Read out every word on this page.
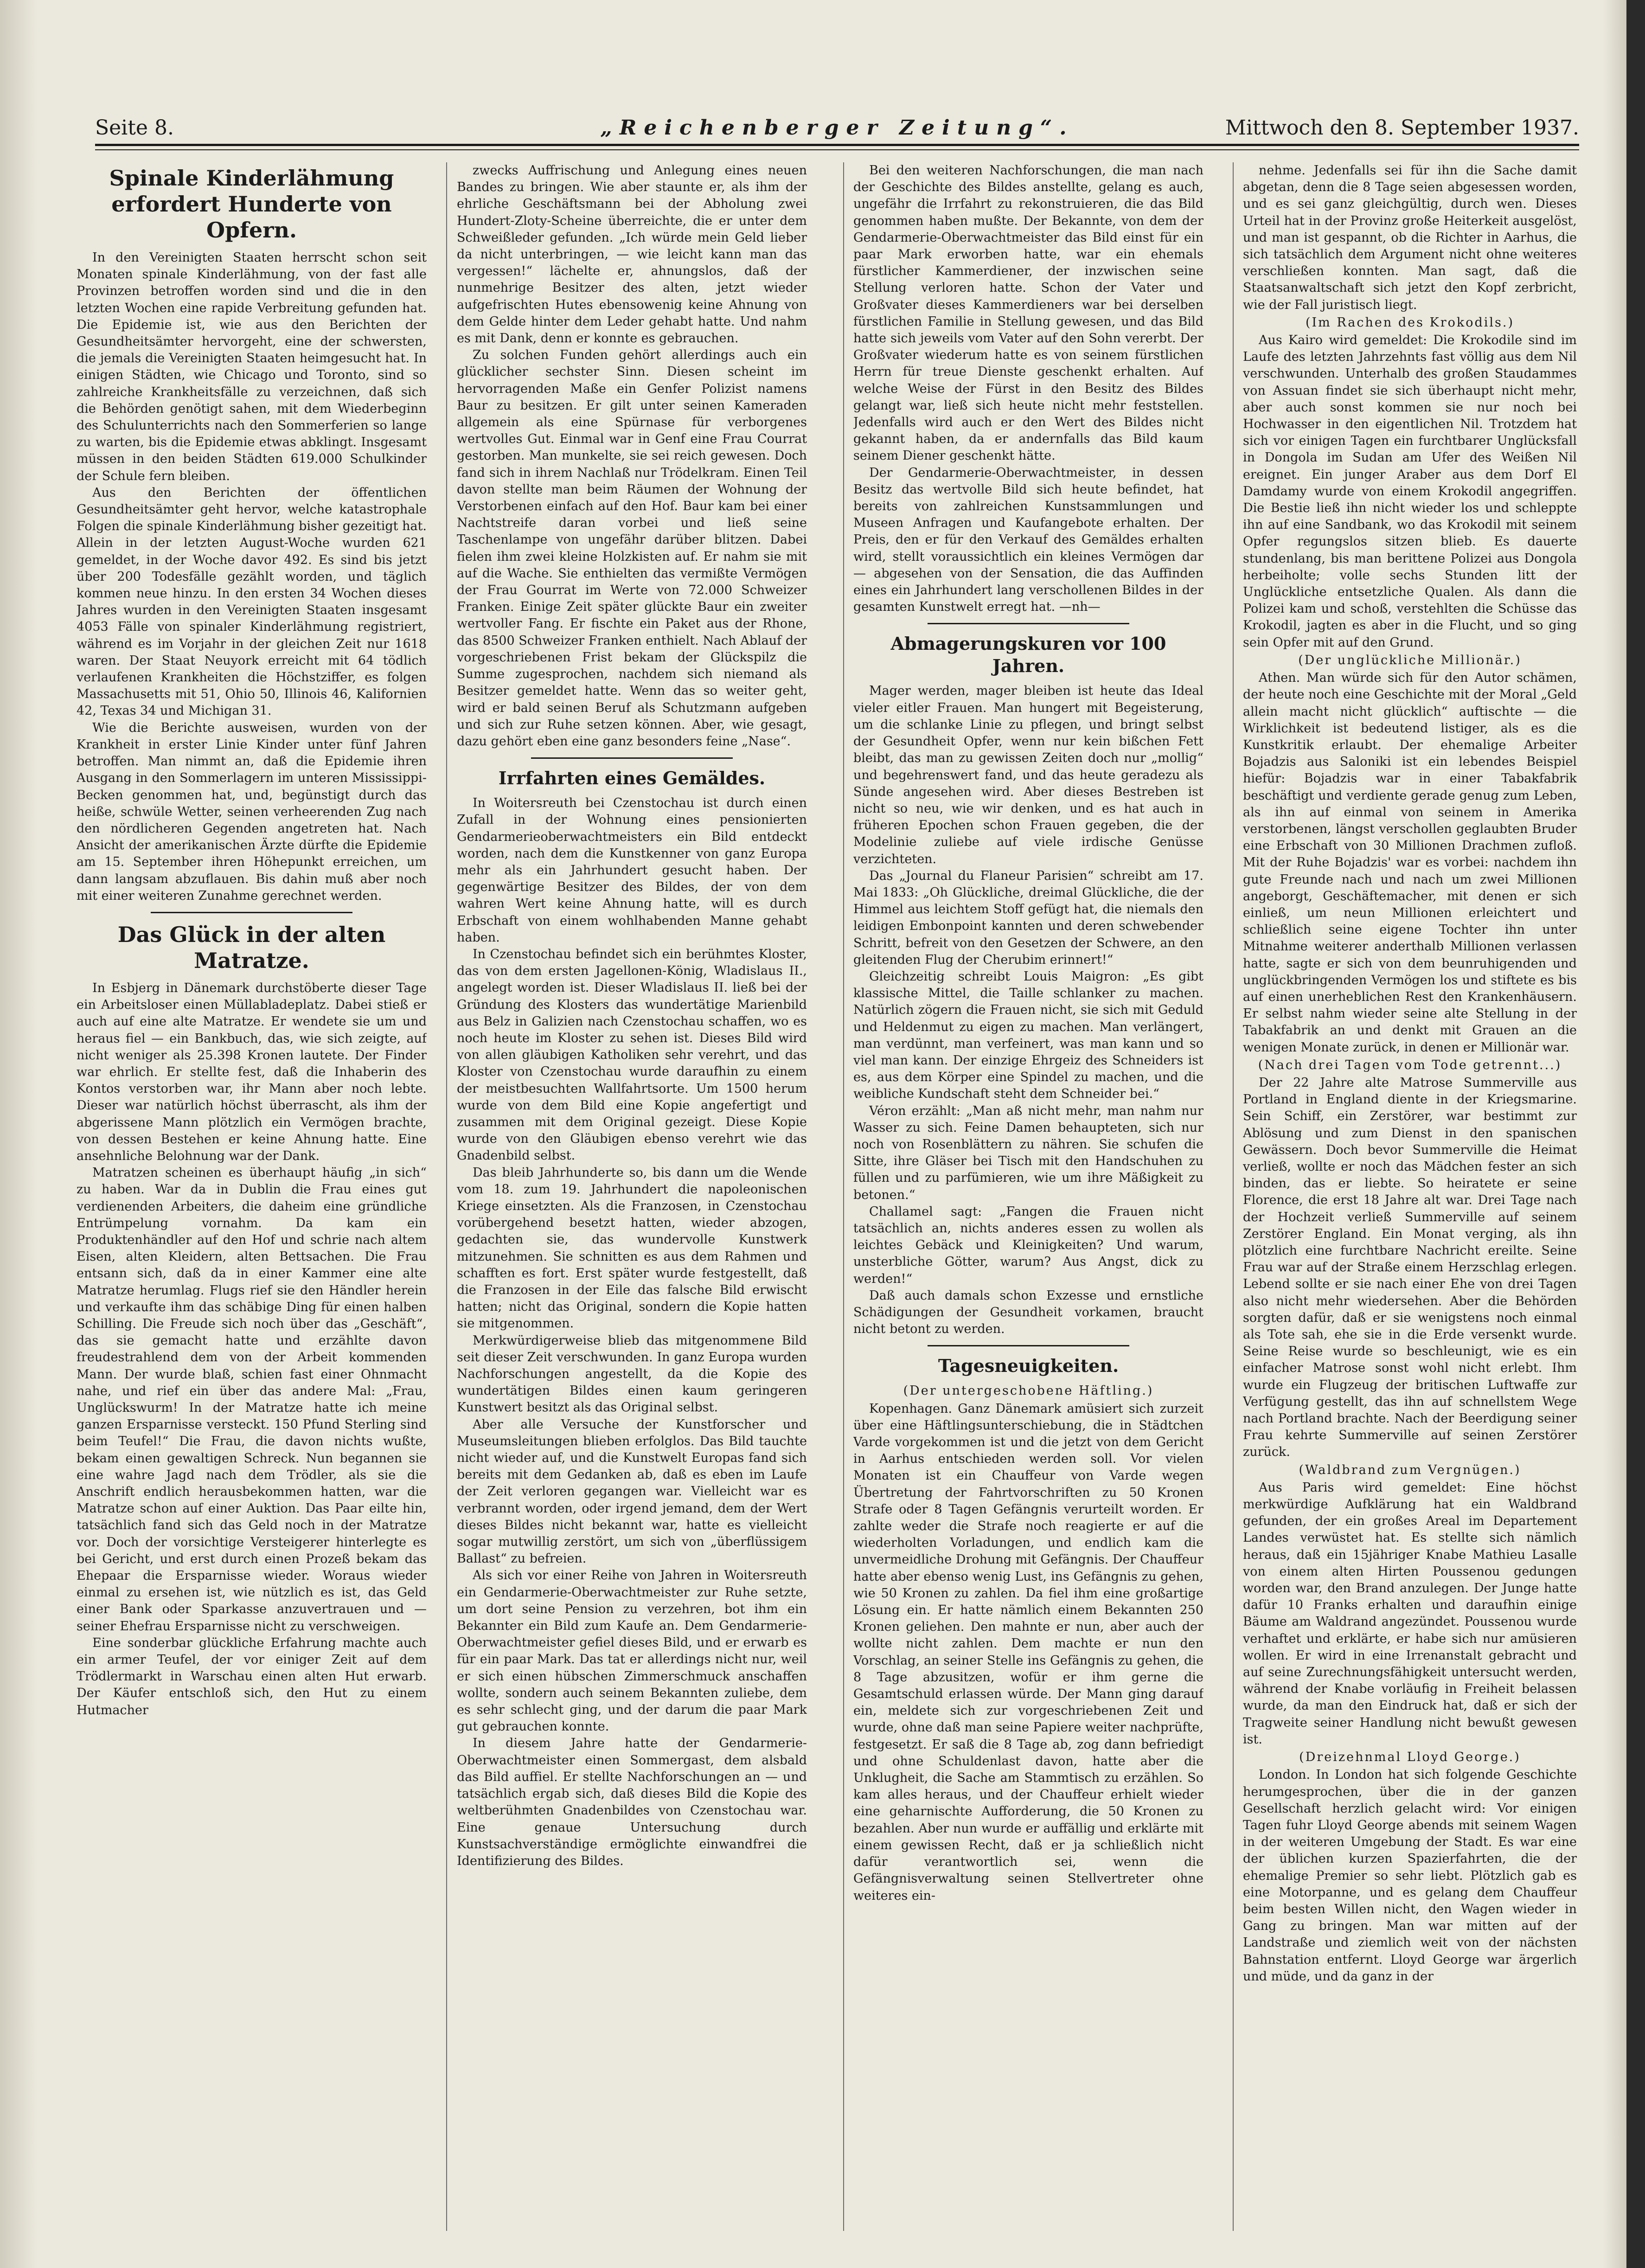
Seite 8.	„Reichenberger Zeitung“.	Mittwoch den 8. September 1937.
Spinale Kinderlähmung erfordert Hunderte von Opfern.

In den Vereinigten Staaten herrscht schon seit Monaten spinale Kinderlähmung, von der fast alle Provinzen betroffen worden sind und die in den letzten Wochen eine rapide Verbreitung gefunden hat. Die Epidemie ist, wie aus den Berichten der Gesundheitsämter hervorgeht, eine der schwersten, die jemals die Vereinigten Staaten heimgesucht hat. In einigen Städten, wie Chicago und Toronto, sind so zahlreiche Krankheitsfälle zu verzeichnen, daß sich die Behörden genötigt sahen, mit dem Wiederbeginn des Schulunterrichts nach den Sommerferien so lange zu warten, bis die Epidemie etwas abklingt. Insgesamt müssen in den beiden Städten 619.000 Schulkinder der Schule fern bleiben.

Aus den Berichten der öffentlichen Gesundheitsämter geht hervor, welche katastrophale Folgen die spinale Kinderlähmung bisher gezeitigt hat. Allein in der letzten August-Woche wurden 621 gemeldet, in der Woche davor 492. Es sind bis jetzt über 200 Todesfälle gezählt worden, und täglich kommen neue hinzu. In den ersten 34 Wochen dieses Jahres wurden in den Vereinigten Staaten insgesamt 4053 Fälle von spinaler Kinderlähmung registriert, während es im Vorjahr in der gleichen Zeit nur 1618 waren. Der Staat Neuyork erreicht mit 64 tödlich verlaufenen Krankheiten die Höchstziffer, es folgen Massachusetts mit 51, Ohio 50, Illinois 46, Kalifornien 42, Texas 34 und Michigan 31.

Wie die Berichte ausweisen, wurden von der Krankheit in erster Linie Kinder unter fünf Jahren betroffen. Man nimmt an, daß die Epidemie ihren Ausgang in den Sommerlagern im unteren Mississippi-Becken genommen hat, und, begünstigt durch das heiße, schwüle Wetter, seinen verheerenden Zug nach den nördlicheren Gegenden angetreten hat. Nach Ansicht der amerikanischen Ärzte dürfte die Epidemie am 15. September ihren Höhepunkt erreichen, um dann langsam abzuflauen. Bis dahin muß aber noch mit einer weiteren Zunahme gerechnet werden.

Das Glück in der alten Matratze.

In Esbjerg in Dänemark durchstöberte dieser Tage ein Arbeitsloser einen Müllabladeplatz. Dabei stieß er auch auf eine alte Matratze. Er wendete sie um und heraus fiel — ein Bankbuch, das, wie sich zeigte, auf nicht weniger als 25.398 Kronen lautete. Der Finder war ehrlich. Er stellte fest, daß die Inhaberin des Kontos verstorben war, ihr Mann aber noch lebte. Dieser war natürlich höchst überrascht, als ihm der abgerissene Mann plötzlich ein Vermögen brachte, von dessen Bestehen er keine Ahnung hatte. Eine ansehnliche Belohnung war der Dank.

Matratzen scheinen es überhaupt häufig „in sich“ zu haben. War da in Dublin die Frau eines gut verdienenden Arbeiters, die daheim eine gründliche Entrümpelung vornahm. Da kam ein Produktenhändler auf den Hof und schrie nach altem Eisen, alten Kleidern, alten Bettsachen. Die Frau entsann sich, daß da in einer Kammer eine alte Matratze herumlag. Flugs rief sie den Händler herein und verkaufte ihm das schäbige Ding für einen halben Schilling. Die Freude sich noch über das „Geschäft“, das sie gemacht hatte und erzählte davon freudestrahlend dem von der Arbeit kommenden Mann. Der wurde blaß, schien fast einer Ohnmacht nahe, und rief ein über das andere Mal: „Frau, Unglückswurm! In der Matratze hatte ich meine ganzen Ersparnisse versteckt. 150 Pfund Sterling sind beim Teufel!“ Die Frau, die davon nichts wußte, bekam einen gewaltigen Schreck. Nun begannen sie eine wahre Jagd nach dem Trödler, als sie die Anschrift endlich herausbekommen hatten, war die Matratze schon auf einer Auktion. Das Paar eilte hin, tatsächlich fand sich das Geld noch in der Matratze vor. Doch der vorsichtige Versteigerer hinterlegte es bei Gericht, und erst durch einen Prozeß bekam das Ehepaar die Ersparnisse wieder. Woraus wieder einmal zu ersehen ist, wie nützlich es ist, das Geld einer Bank oder Sparkasse anzuvertrauen und — seiner Ehefrau Ersparnisse nicht zu verschweigen.

Eine sonderbar glückliche Erfahrung machte auch ein armer Teufel, der vor einiger Zeit auf dem Trödlermarkt in Warschau einen alten Hut erwarb. Der Käufer entschloß sich, den Hut zu einem Hutmacher

zwecks Auffrischung und Anlegung eines neuen Bandes zu bringen. Wie aber staunte er, als ihm der ehrliche Geschäftsmann bei der Abholung zwei Hundert-Zloty-Scheine überreichte, die er unter dem Schweißleder gefunden. „Ich würde mein Geld lieber da nicht unterbringen, — wie leicht kann man das vergessen!“ lächelte er, ahnungslos, daß der nunmehrige Besitzer des alten, jetzt wieder aufgefrischten Hutes ebensowenig keine Ahnung von dem Gelde hinter dem Leder gehabt hatte. Und nahm es mit Dank, denn er konnte es gebrauchen.

Zu solchen Funden gehört allerdings auch ein glücklicher sechster Sinn. Diesen scheint im hervorragenden Maße ein Genfer Polizist namens Baur zu besitzen. Er gilt unter seinen Kameraden allgemein als eine Spürnase für verborgenes wertvolles Gut. Einmal war in Genf eine Frau Courrat gestorben. Man munkelte, sie sei reich gewesen. Doch fand sich in ihrem Nachlaß nur Trödelkram. Einen Teil davon stellte man beim Räumen der Wohnung der Verstorbenen einfach auf den Hof. Baur kam bei einer Nachtstreife daran vorbei und ließ seine Taschenlampe von ungefähr darüber blitzen. Dabei fielen ihm zwei kleine Holzkisten auf. Er nahm sie mit auf die Wache. Sie enthielten das vermißte Vermögen der Frau Gourrat im Werte von 72.000 Schweizer Franken. Einige Zeit später glückte Baur ein zweiter wertvoller Fang. Er fischte ein Paket aus der Rhone, das 8500 Schweizer Franken enthielt. Nach Ablauf der vorgeschriebenen Frist bekam der Glückspilz die Summe zugesprochen, nachdem sich niemand als Besitzer gemeldet hatte. Wenn das so weiter geht, wird er bald seinen Beruf als Schutzmann aufgeben und sich zur Ruhe setzen können. Aber, wie gesagt, dazu gehört eben eine ganz besonders feine „Nase“.

Irrfahrten eines Gemäldes.

In Woitersreuth bei Czenstochau ist durch einen Zufall in der Wohnung eines pensionierten Gendarmerieoberwachtmeisters ein Bild entdeckt worden, nach dem die Kunstkenner von ganz Europa mehr als ein Jahrhundert gesucht haben. Der gegenwärtige Besitzer des Bildes, der von dem wahren Wert keine Ahnung hatte, will es durch Erbschaft von einem wohlhabenden Manne gehabt haben.

In Czenstochau befindet sich ein berühmtes Kloster, das von dem ersten Jagellonen-König, Wladislaus II., angelegt worden ist. Dieser Wladislaus II. ließ bei der Gründung des Klosters das wundertätige Marienbild aus Belz in Galizien nach Czenstochau schaffen, wo es noch heute im Kloster zu sehen ist. Dieses Bild wird von allen gläubigen Katholiken sehr verehrt, und das Kloster von Czenstochau wurde daraufhin zu einem der meistbesuchten Wallfahrtsorte. Um 1500 herum wurde von dem Bild eine Kopie angefertigt und zusammen mit dem Original gezeigt. Diese Kopie wurde von den Gläubigen ebenso verehrt wie das Gnadenbild selbst.

Das bleib Jahrhunderte so, bis dann um die Wende vom 18. zum 19. Jahrhundert die napoleonischen Kriege einsetzten. Als die Franzosen, in Czenstochau vorübergehend besetzt hatten, wieder abzogen, gedachten sie, das wundervolle Kunstwerk mitzunehmen. Sie schnitten es aus dem Rahmen und schafften es fort. Erst später wurde festgestellt, daß die Franzosen in der Eile das falsche Bild erwischt hatten; nicht das Original, sondern die Kopie hatten sie mitgenommen.

Merkwürdigerweise blieb das mitgenommene Bild seit dieser Zeit verschwunden. In ganz Europa wurden Nachforschungen angestellt, da die Kopie des wundertätigen Bildes einen kaum geringeren Kunstwert besitzt als das Original selbst.

Aber alle Versuche der Kunstforscher und Museumsleitungen blieben erfolglos. Das Bild tauchte nicht wieder auf, und die Kunstwelt Europas fand sich bereits mit dem Gedanken ab, daß es eben im Laufe der Zeit verloren gegangen war. Vielleicht war es verbrannt worden, oder irgend jemand, dem der Wert dieses Bildes nicht bekannt war, hatte es vielleicht sogar mutwillig zerstört, um sich von „überflüssigem Ballast“ zu befreien.

Als sich vor einer Reihe von Jahren in Woitersreuth ein Gendarmerie-Oberwachtmeister zur Ruhe setzte, um dort seine Pension zu verzehren, bot ihm ein Bekannter ein Bild zum Kaufe an. Dem Gendarmerie-Oberwachtmeister gefiel dieses Bild, und er erwarb es für ein paar Mark. Das tat er allerdings nicht nur, weil er sich einen hübschen Zimmerschmuck anschaffen wollte, sondern auch seinem Bekannten zuliebe, dem es sehr schlecht ging, und der darum die paar Mark gut gebrauchen konnte.

In diesem Jahre hatte der Gendarmerie-Oberwachtmeister einen Sommergast, dem alsbald das Bild auffiel. Er stellte Nachforschungen an — und tatsächlich ergab sich, daß dieses Bild die Kopie des weltberühmten Gnadenbildes von Czenstochau war. Eine genaue Untersuchung durch Kunstsachverständige ermöglichte einwandfrei die Identifizierung des Bildes.

Bei den weiteren Nachforschungen, die man nach der Geschichte des Bildes anstellte, gelang es auch, ungefähr die Irrfahrt zu rekonstruieren, die das Bild genommen haben mußte. Der Bekannte, von dem der Gendarmerie-Oberwachtmeister das Bild einst für ein paar Mark erworben hatte, war ein ehemals fürstlicher Kammerdiener, der inzwischen seine Stellung verloren hatte. Schon der Vater und Großvater dieses Kammerdieners war bei derselben fürstlichen Familie in Stellung gewesen, und das Bild hatte sich jeweils vom Vater auf den Sohn vererbt. Der Großvater wiederum hatte es von seinem fürstlichen Herrn für treue Dienste geschenkt erhalten. Auf welche Weise der Fürst in den Besitz des Bildes gelangt war, ließ sich heute nicht mehr feststellen. Jedenfalls wird auch er den Wert des Bildes nicht gekannt haben, da er andernfalls das Bild kaum seinem Diener geschenkt hätte.

Der Gendarmerie-Oberwachtmeister, in dessen Besitz das wertvolle Bild sich heute befindet, hat bereits von zahlreichen Kunstsammlungen und Museen Anfragen und Kaufangebote erhalten. Der Preis, den er für den Verkauf des Gemäldes erhalten wird, stellt voraussichtlich ein kleines Vermögen dar — abgesehen von der Sensation, die das Auffinden eines ein Jahrhundert lang verschollenen Bildes in der gesamten Kunstwelt erregt hat. —nh—

Abmagerungskuren vor 100 Jahren.

Mager werden, mager bleiben ist heute das Ideal vieler eitler Frauen. Man hungert mit Begeisterung, um die schlanke Linie zu pflegen, und bringt selbst der Gesundheit Opfer, wenn nur kein bißchen Fett bleibt, das man zu gewissen Zeiten doch nur „mollig“ und begehrenswert fand, und das heute geradezu als Sünde angesehen wird. Aber dieses Bestreben ist nicht so neu, wie wir denken, und es hat auch in früheren Epochen schon Frauen gegeben, die der Modelinie zuliebe auf viele irdische Genüsse verzichteten.

Das „Journal du Flaneur Parisien“ schreibt am 17. Mai 1833: „Oh Glückliche, dreimal Glückliche, die der Himmel aus leichtem Stoff gefügt hat, die niemals den leidigen Embonpoint kannten und deren schwebender Schritt, befreit von den Gesetzen der Schwere, an den gleitenden Flug der Cherubim erinnert!“

Gleichzeitig schreibt Louis Maigron: „Es gibt klassische Mittel, die Taille schlanker zu machen. Natürlich zögern die Frauen nicht, sie sich mit Geduld und Heldenmut zu eigen zu machen. Man verlängert, man verdünnt, man verfeinert, was man kann und so viel man kann. Der einzige Ehrgeiz des Schneiders ist es, aus dem Körper eine Spindel zu machen, und die weibliche Kundschaft steht dem Schneider bei.“

Véron erzählt: „Man aß nicht mehr, man nahm nur Wasser zu sich. Feine Damen behaupteten, sich nur noch von Rosenblättern zu nähren. Sie schufen die Sitte, ihre Gläser bei Tisch mit den Handschuhen zu füllen und zu parfümieren, wie um ihre Mäßigkeit zu betonen.“

Challamel sagt: „Fangen die Frauen nicht tatsächlich an, nichts anderes essen zu wollen als leichtes Gebäck und Kleinigkeiten? Und warum, unsterbliche Götter, warum? Aus Angst, dick zu werden!“

Daß auch damals schon Exzesse und ernstliche Schädigungen der Gesundheit vorkamen, braucht nicht betont zu werden.

Tagesneuigkeiten.

(Der untergeschobene Häftling.)

Kopenhagen. Ganz Dänemark amüsiert sich zurzeit über eine Häftlingsunterschiebung, die in Städtchen Varde vorgekommen ist und die jetzt von dem Gericht in Aarhus entschieden werden soll. Vor vielen Monaten ist ein Chauffeur von Varde wegen Übertretung der Fahrtvorschriften zu 50 Kronen Strafe oder 8 Tagen Gefängnis verurteilt worden. Er zahlte weder die Strafe noch reagierte er auf die wiederholten Vorladungen, und endlich kam die unvermeidliche Drohung mit Gefängnis. Der Chauffeur hatte aber ebenso wenig Lust, ins Gefängnis zu gehen, wie 50 Kronen zu zahlen. Da fiel ihm eine großartige Lösung ein. Er hatte nämlich einem Bekannten 250 Kronen geliehen. Den mahnte er nun, aber auch der wollte nicht zahlen. Dem machte er nun den Vorschlag, an seiner Stelle ins Gefängnis zu gehen, die 8 Tage abzusitzen, wofür er ihm gerne die Gesamtschuld erlassen würde. Der Mann ging darauf ein, meldete sich zur vorgeschriebenen Zeit und wurde, ohne daß man seine Papiere weiter nachprüfte, festgesetzt. Er saß die 8 Tage ab, zog dann befriedigt und ohne Schuldenlast davon, hatte aber die Unklugheit, die Sache am Stammtisch zu erzählen. So kam alles heraus, und der Chauffeur erhielt wieder eine geharnischte Aufforderung, die 50 Kronen zu bezahlen. Aber nun wurde er auffällig und erklärte mit einem gewissen Recht, daß er ja schließlich nicht dafür verantwortlich sei, wenn die Gefängnisverwaltung seinen Stellvertreter ohne weiteres ein-

nehme. Jedenfalls sei für ihn die Sache damit abgetan, denn die 8 Tage seien abgesessen worden, und es sei ganz gleichgültig, durch wen. Dieses Urteil hat in der Provinz große Heiterkeit ausgelöst, und man ist gespannt, ob die Richter in Aarhus, die sich tatsächlich dem Argument nicht ohne weiteres verschließen konnten. Man sagt, daß die Staatsanwaltschaft sich jetzt den Kopf zerbricht, wie der Fall juristisch liegt.

(Im Rachen des Krokodils.)

Aus Kairo wird gemeldet: Die Krokodile sind im Laufe des letzten Jahrzehnts fast völlig aus dem Nil verschwunden. Unterhalb des großen Staudammes von Assuan findet sie sich überhaupt nicht mehr, aber auch sonst kommen sie nur noch bei Hochwasser in den eigentlichen Nil. Trotzdem hat sich vor einigen Tagen ein furchtbarer Unglücksfall in Dongola im Sudan am Ufer des Weißen Nil ereignet. Ein junger Araber aus dem Dorf El Damdamy wurde von einem Krokodil angegriffen. Die Bestie ließ ihn nicht wieder los und schleppte ihn auf eine Sandbank, wo das Krokodil mit seinem Opfer regungslos sitzen blieb. Es dauerte stundenlang, bis man berittene Polizei aus Dongola herbeiholte; volle sechs Stunden litt der Unglückliche entsetzliche Qualen. Als dann die Polizei kam und schoß, verstehlten die Schüsse das Krokodil, jagten es aber in die Flucht, und so ging sein Opfer mit auf den Grund.

(Der unglückliche Millionär.)

Athen. Man würde sich für den Autor schämen, der heute noch eine Geschichte mit der Moral „Geld allein macht nicht glücklich“ auftischte — die Wirklichkeit ist bedeutend listiger, als es die Kunstkritik erlaubt. Der ehemalige Arbeiter Bojadzis aus Saloniki ist ein lebendes Beispiel hiefür: Bojadzis war in einer Tabakfabrik beschäftigt und verdiente gerade genug zum Leben, als ihn auf einmal von seinem in Amerika verstorbenen, längst verschollen geglaubten Bruder eine Erbschaft von 30 Millionen Drachmen zufloß. Mit der Ruhe Bojadzis' war es vorbei: nachdem ihn gute Freunde nach und nach um zwei Millionen angeborgt, Geschäftemacher, mit denen er sich einließ, um neun Millionen erleichtert und schließlich seine eigene Tochter ihn unter Mitnahme weiterer anderthalb Millionen verlassen hatte, sagte er sich von dem beunruhigenden und unglückbringenden Vermögen los und stiftete es bis auf einen unerheblichen Rest den Krankenhäusern. Er selbst nahm wieder seine alte Stellung in der Tabakfabrik an und denkt mit Grauen an die wenigen Monate zurück, in denen er Millionär war.

(Nach drei Tagen vom Tode getrennt...)

Der 22 Jahre alte Matrose Summerville aus Portland in England diente in der Kriegsmarine. Sein Schiff, ein Zerstörer, war bestimmt zur Ablösung und zum Dienst in den spanischen Gewässern. Doch bevor Summerville die Heimat verließ, wollte er noch das Mädchen fester an sich binden, das er liebte. So heiratete er seine Florence, die erst 18 Jahre alt war. Drei Tage nach der Hochzeit verließ Summerville auf seinem Zerstörer England. Ein Monat verging, als ihn plötzlich eine furchtbare Nachricht ereilte. Seine Frau war auf der Straße einem Herzschlag erlegen. Lebend sollte er sie nach einer Ehe von drei Tagen also nicht mehr wiedersehen. Aber die Behörden sorgten dafür, daß er sie wenigstens noch einmal als Tote sah, ehe sie in die Erde versenkt wurde. Seine Reise wurde so beschleunigt, wie es ein einfacher Matrose sonst wohl nicht erlebt. Ihm wurde ein Flugzeug der britischen Luftwaffe zur Verfügung gestellt, das ihn auf schnellstem Wege nach Portland brachte. Nach der Beerdigung seiner Frau kehrte Summerville auf seinen Zerstörer zurück.

(Waldbrand zum Vergnügen.)

Aus Paris wird gemeldet: Eine höchst merkwürdige Aufklärung hat ein Waldbrand gefunden, der ein großes Areal im Departement Landes verwüstet hat. Es stellte sich nämlich heraus, daß ein 15jähriger Knabe Mathieu Lasalle von einem alten Hirten Poussenou gedungen worden war, den Brand anzulegen. Der Junge hatte dafür 10 Franks erhalten und daraufhin einige Bäume am Waldrand angezündet. Poussenou wurde verhaftet und erklärte, er habe sich nur amüsieren wollen. Er wird in eine Irrenanstalt gebracht und auf seine Zurechnungsfähigkeit untersucht werden, während der Knabe vorläufig in Freiheit belassen wurde, da man den Eindruck hat, daß er sich der Tragweite seiner Handlung nicht bewußt gewesen ist.

(Dreizehnmal Lloyd George.)

London. In London hat sich folgende Geschichte herumgesprochen, über die in der ganzen Gesellschaft herzlich gelacht wird: Vor einigen Tagen fuhr Lloyd George abends mit seinem Wagen in der weiteren Umgebung der Stadt. Es war eine der üblichen kurzen Spazierfahrten, die der ehemalige Premier so sehr liebt. Plötzlich gab es eine Motorpanne, und es gelang dem Chauffeur beim besten Willen nicht, den Wagen wieder in Gang zu bringen. Man war mitten auf der Landstraße und ziemlich weit von der nächsten Bahnstation entfernt. Lloyd George war ärgerlich und müde, und da ganz in der
